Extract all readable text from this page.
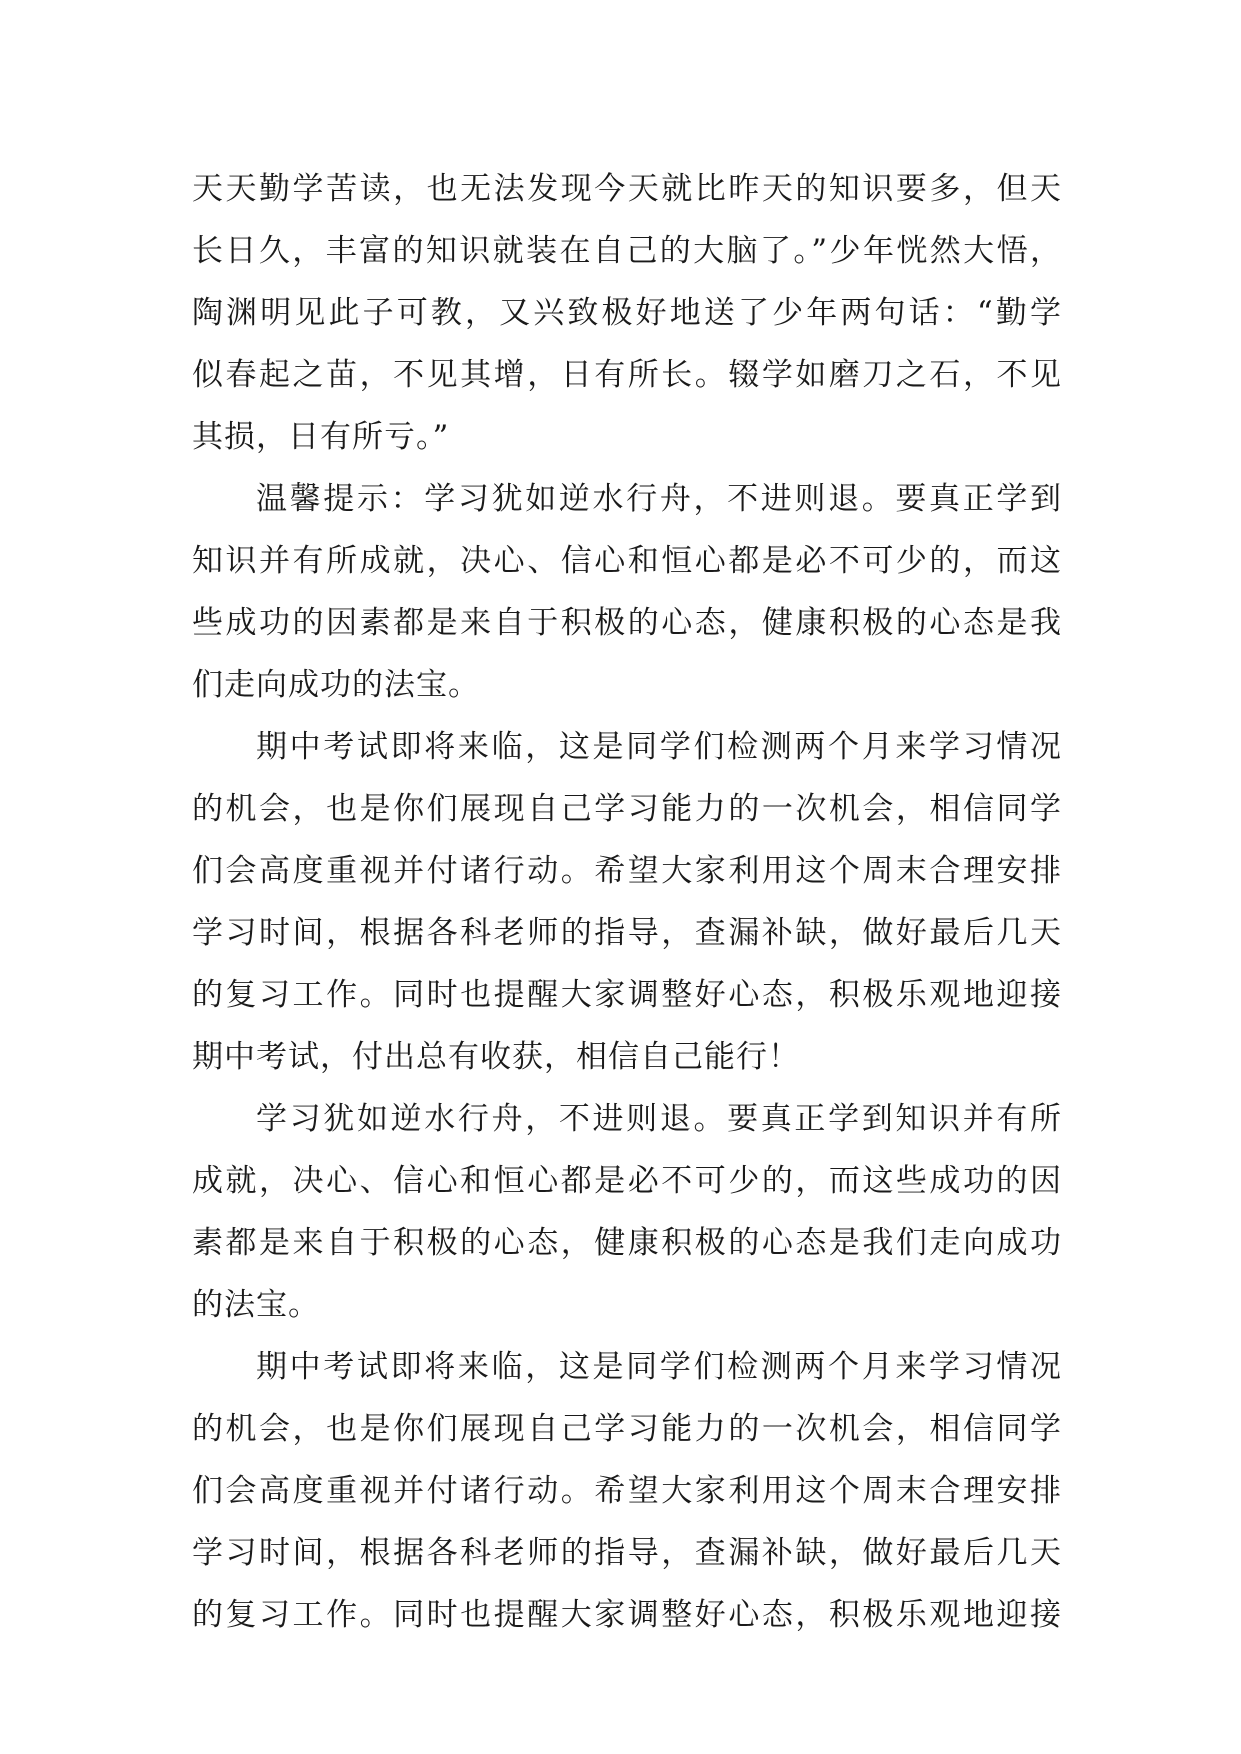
天天勤学苦读，也无法发现今天就比昨天的知识要多，但天
长日久，丰富的知识就装在自己的大脑了。”少年恍然大悟，
陶渊明见此子可教，又兴致极好地送了少年两句话：“勤学
似春起之苗，不见其增，日有所长。辍学如磨刀之石，不见
其损，日有所亏。”
温馨提示：学习犹如逆水行舟，不进则退。要真正学到
知识并有所成就，决心、信心和恒心都是必不可少的，而这
些成功的因素都是来自于积极的心态，健康积极的心态是我
们走向成功的法宝。
期中考试即将来临，这是同学们检测两个月来学习情况
的机会，也是你们展现自己学习能力的一次机会，相信同学
们会高度重视并付诸行动。希望大家利用这个周末合理安排
学习时间，根据各科老师的指导，查漏补缺，做好最后几天
的复习工作。同时也提醒大家调整好心态，积极乐观地迎接
期中考试，付出总有收获，相信自己能行！
学习犹如逆水行舟，不进则退。要真正学到知识并有所
成就，决心、信心和恒心都是必不可少的，而这些成功的因
素都是来自于积极的心态，健康积极的心态是我们走向成功
的法宝。
期中考试即将来临，这是同学们检测两个月来学习情况
的机会，也是你们展现自己学习能力的一次机会，相信同学
们会高度重视并付诸行动。希望大家利用这个周末合理安排
学习时间，根据各科老师的指导，查漏补缺，做好最后几天
的复习工作。同时也提醒大家调整好心态，积极乐观地迎接
